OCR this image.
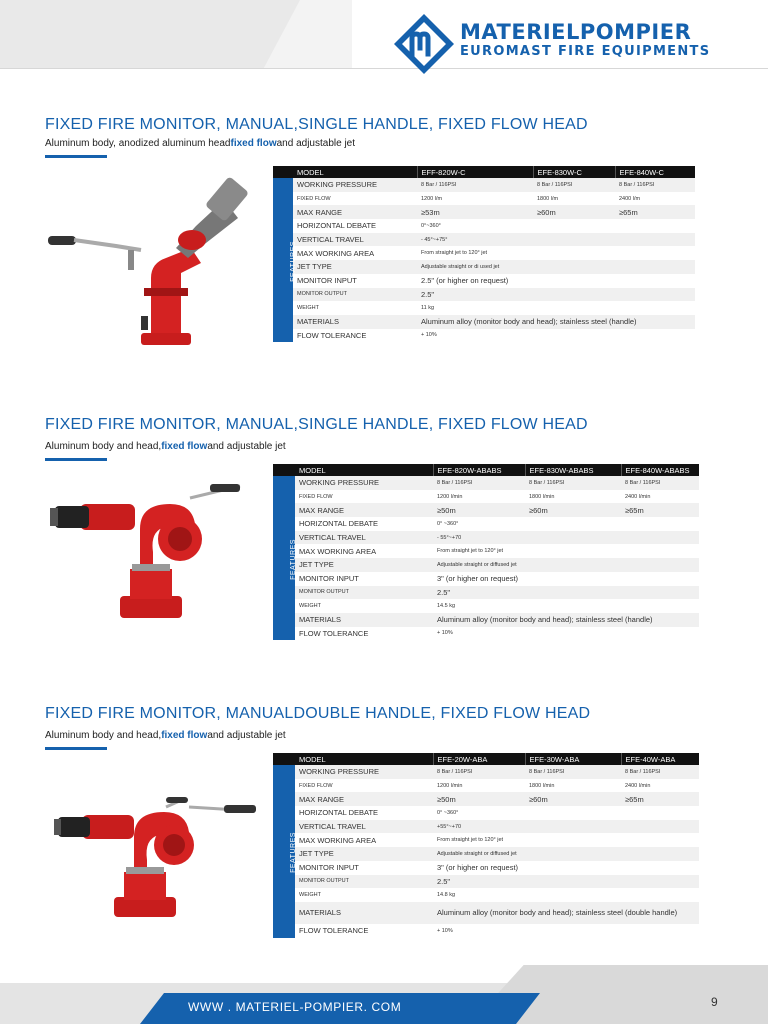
MATERIELPOMPIER
EUROMAST FIRE EQUIPMENTS
FIXED FIRE MONITOR, MANUAL,SINGLE HANDLE, FIXED FLOW HEAD
Aluminum body, anodized aluminum headfixed flowand adjustable jet
	MODEL	EFF-820W-C	EFE-830W-C	EFE-840W-C
FEATURES	WORKING PRESSURE	8 Bar / 116PSI	8 Bar / 116PSI	8 Bar / 116PSI
	FIXED FLOW	1200 l/m	1800 l/m	2400 l/m
	MAX RANGE	≥53m	≥60m	≥65m
	HORIZONTAL DEBATE	0°~360°		
	VERTICAL TRAVEL	- 45°~+75°		
	MAX WORKING AREA	From straight jet to 120° jet		
	JET TYPE	Adjustable straight or di used jet		
	MONITOR INPUT	2.5" (or higher on request)		
	MONITOR OUTPUT	2.5"		
	WEIGHT	11 kg		
	MATERIALS	Aluminum alloy (monitor body and head); stainless steel (handle)		
	FLOW TOLERANCE	+ 10%		
FIXED FIRE MONITOR, MANUAL,SINGLE HANDLE, FIXED FLOW HEAD
Aluminum body and head,fixed flowand adjustable jet
	MODEL	EFE-820W-ABABS	EFE-830W-ABABS	EFE-840W-ABABS
FEATURES	WORKING PRESSURE	8 Bar / 116PSI	8 Bar / 116PSI	8 Bar / 116PSI
	FIXED FLOW	1200 l/min	1800 l/min	2400 l/min
	MAX RANGE	≥50m	≥60m	≥65m
	HORIZONTAL DEBATE	0° ~360°		
	VERTICAL TRAVEL	- 55°~+70		
	MAX WORKING AREA	From straight jet to 120° jet		
	JET TYPE	Adjustable straight or diffused jet		
	MONITOR INPUT	3" (or higher on request)		
	MONITOR OUTPUT	2.5"		
	WEIGHT	14.5 kg		
	MATERIALS	Aluminum alloy (monitor body and head); stainless steel (handle)		
	FLOW TOLERANCE	+ 10%		
FIXED FIRE MONITOR, MANUALDOUBLE HANDLE, FIXED FLOW HEAD
Aluminum body and head,fixed flowand adjustable jet
	MODEL	EFE-20W-ABA	EFE-30W-ABA	EFE-40W-ABA
FEATURES	WORKING PRESSURE	8 Bar / 116PSI	8 Bar / 116PSI	8 Bar / 116PSI
	FIXED FLOW	1200 l/min	1800 l/min	2400 l/min
	MAX RANGE	≥50m	≥60m	≥65m
	HORIZONTAL DEBATE	0° ~360°		
	VERTICAL TRAVEL	+55°~+70		
	MAX WORKING AREA	From straight jet to 120° jet		
	JET TYPE	Adjustable straight or diffused jet		
	MONITOR INPUT	3" (or higher on request)		
	MONITOR OUTPUT	2.5"		
	WEIGHT	14.8 kg		
	MATERIALS	Aluminum alloy (monitor body and head); stainless steel (double handle)		
	FLOW TOLERANCE	+ 10%		
WWW . MATERIEL-POMPIER. COM	9
